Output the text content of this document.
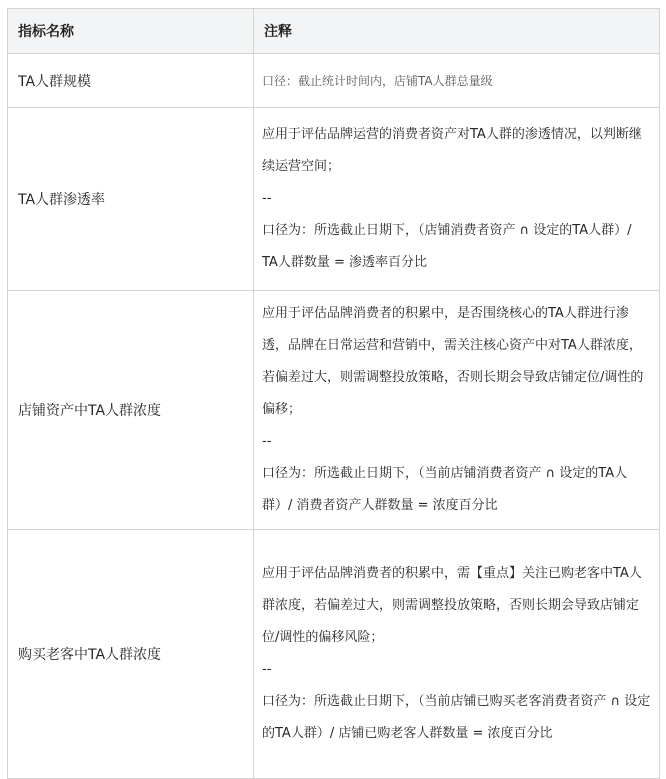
指标名称	注释
TA人群规模	口径：截止统计时间内，店铺TA人群总量级

TA人群渗透率	应用于评估品牌运营的消费者资产对TA人群的渗透情况，以判断继续运营空间；
--
口径为：所选截止日期下，（店铺消费者资产 ∩ 设定的TA人群）/ TA人群数量 = 渗透率百分比

店铺资产中TA人群浓度	应用于评估品牌消费者的积累中，是否围绕核心的TA人群进行渗透，品牌在日常运营和营销中，需关注核心资产中对TA人群浓度，若偏差过大，则需调整投放策略，否则长期会导致店铺定位/调性的偏移；
--
口径为：所选截止日期下，（当前店铺消费者资产 ∩ 设定的TA人群）/ 消费者资产人群数量 = 浓度百分比

购买老客中TA人群浓度	应用于评估品牌消费者的积累中，需【重点】关注已购老客中TA人群浓度，若偏差过大，则需调整投放策略，否则长期会导致店铺定位/调性的偏移风险；
--
口径为：所选截止日期下，（当前店铺已购买老客消费者资产 ∩ 设定的TA人群）/ 店铺已购老客人群数量 = 浓度百分比
